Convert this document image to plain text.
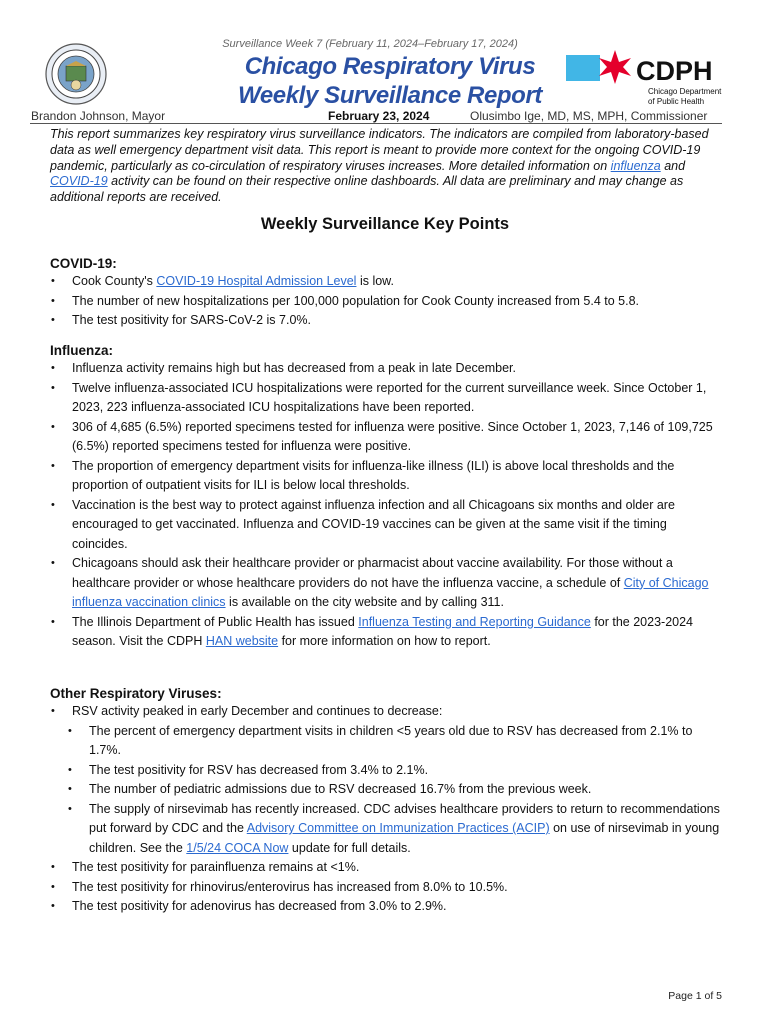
Surveillance Week 7 (February 11, 2024–February 17, 2024)
Chicago Respiratory Virus
Weekly Surveillance Report
CDPH
Chicago Department
of Public Health
Brandon Johnson, Mayor	February 23, 2024	Olusimbo Ige, MD, MS, MPH, Commissioner
This report summarizes key respiratory virus surveillance indicators. The indicators are compiled from laboratory-based data as well emergency department visit data. This report is meant to provide more context for the ongoing COVID-19 pandemic, particularly as co-circulation of respiratory viruses increases. More detailed information on influenza and COVID-19 activity can be found on their respective online dashboards. All data are preliminary and may change as additional reports are received.
Weekly Surveillance Key Points
COVID-19:
• Cook County's COVID-19 Hospital Admission Level is low.
• The number of new hospitalizations per 100,000 population for Cook County increased from 5.4 to 5.8.
• The test positivity for SARS-CoV-2 is 7.0%.
Influenza:
• Influenza activity remains high but has decreased from a peak in late December.
• Twelve influenza-associated ICU hospitalizations were reported for the current surveillance week. Since October 1, 2023, 223 influenza-associated ICU hospitalizations have been reported.
• 306 of 4,685 (6.5%) reported specimens tested for influenza were positive. Since October 1, 2023, 7,146 of 109,725 (6.5%) reported specimens tested for influenza were positive.
• The proportion of emergency department visits for influenza-like illness (ILI) is above local thresholds and the proportion of outpatient visits for ILI is below local thresholds.
• Vaccination is the best way to protect against influenza infection and all Chicagoans six months and older are encouraged to get vaccinated. Influenza and COVID-19 vaccines can be given at the same visit if the timing coincides.
• Chicagoans should ask their healthcare provider or pharmacist about vaccine availability. For those without a healthcare provider or whose healthcare providers do not have the influenza vaccine, a schedule of City of Chicago influenza vaccination clinics is available on the city website and by calling 311.
• The Illinois Department of Public Health has issued Influenza Testing and Reporting Guidance for the 2023-2024 season. Visit the CDPH HAN website for more information on how to report.
Other Respiratory Viruses:
• RSV activity peaked in early December and continues to decrease:
• The percent of emergency department visits in children <5 years old due to RSV has decreased from 2.1% to 1.7%.
• The test positivity for RSV has decreased from 3.4% to 2.1%.
• The number of pediatric admissions due to RSV decreased 16.7% from the previous week.
• The supply of nirsevimab has recently increased. CDC advises healthcare providers to return to recommendations put forward by CDC and the Advisory Committee on Immunization Practices (ACIP) on use of nirsevimab in young children. See the 1/5/24 COCA Now update for full details.
• The test positivity for parainfluenza remains at <1%.
• The test positivity for rhinovirus/enterovirus has increased from 8.0% to 10.5%.
• The test positivity for adenovirus has decreased from 3.0% to 2.9%.
Page 1 of 5
